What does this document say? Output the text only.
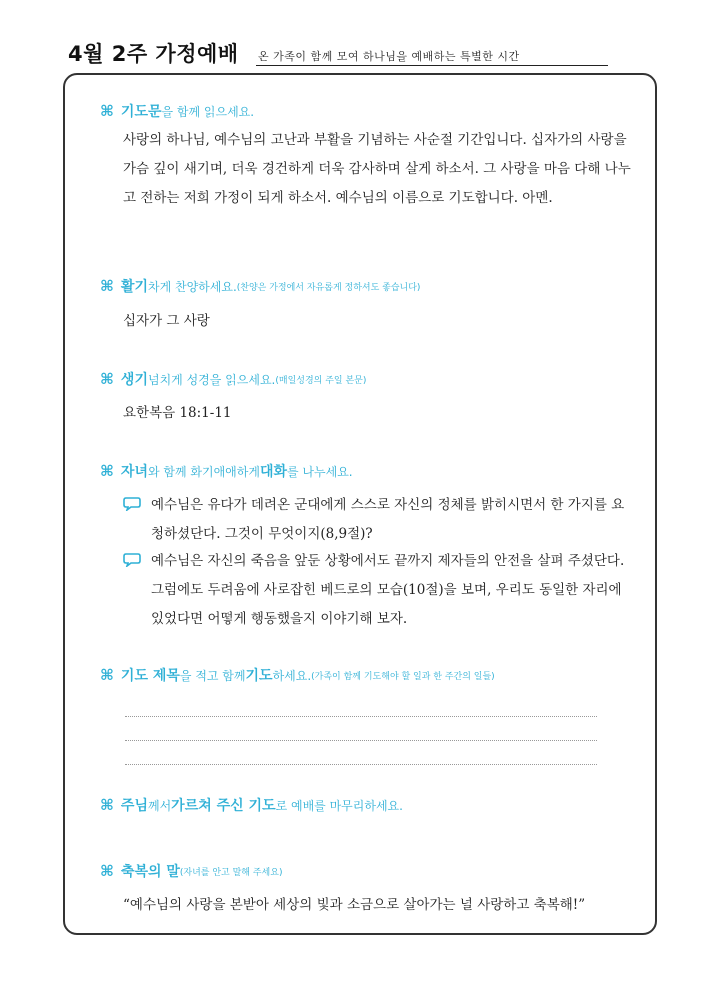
4월 2주 가정예배 온 가족이 함께 모여 하나님을 예배하는 특별한 시간
⌘ 기도문 을 함께 읽으세요.
사랑의 하나님, 예수님의 고난과 부활을 기념하는 사순절 기간입니다. 십자가의 사랑을 가슴 깊이 새기며, 더욱 경건하게 더욱 감사하며 살게 하소서. 그 사랑을 마음 다해 나누고 전하는 저희 가정이 되게 하소서. 예수님의 이름으로 기도합니다. 아멘.
⌘ 활기 차게 찬양하세요. (찬양은 가정에서 자유롭게 정하셔도 좋습니다)
십자가 그 사랑
⌘ 생기 넘치게 성경을 읽으세요. (매일성경의 주일 본문)
요한복음 18:1-11
⌘ 자녀 와 함께 화기애애하게 대화 를 나누세요.
예수님은 유다가 데려온 군대에게 스스로 자신의 정체를 밝히시면서 한 가지를 요청하셨단다. 그것이 무엇이지(8,9절)?
예수님은 자신의 죽음을 앞둔 상황에서도 끝까지 제자들의 안전을 살펴 주셨단다. 그럼에도 두려움에 사로잡힌 베드로의 모습(10절)을 보며, 우리도 동일한 자리에 있었다면 어떻게 행동했을지 이야기해 보자.
⌘ 기도 제목 을 적고 함께 기도 하세요. (가족이 함께 기도해야 할 일과 한 주간의 일들)
⌘ 주님 께서 가르쳐 주신 기도 로 예배를 마무리하세요.
⌘ 축복의 말 (자녀를 안고 말해 주세요)
“예수님의 사랑을 본받아 세상의 빛과 소금으로 살아가는 널 사랑하고 축복해!”
